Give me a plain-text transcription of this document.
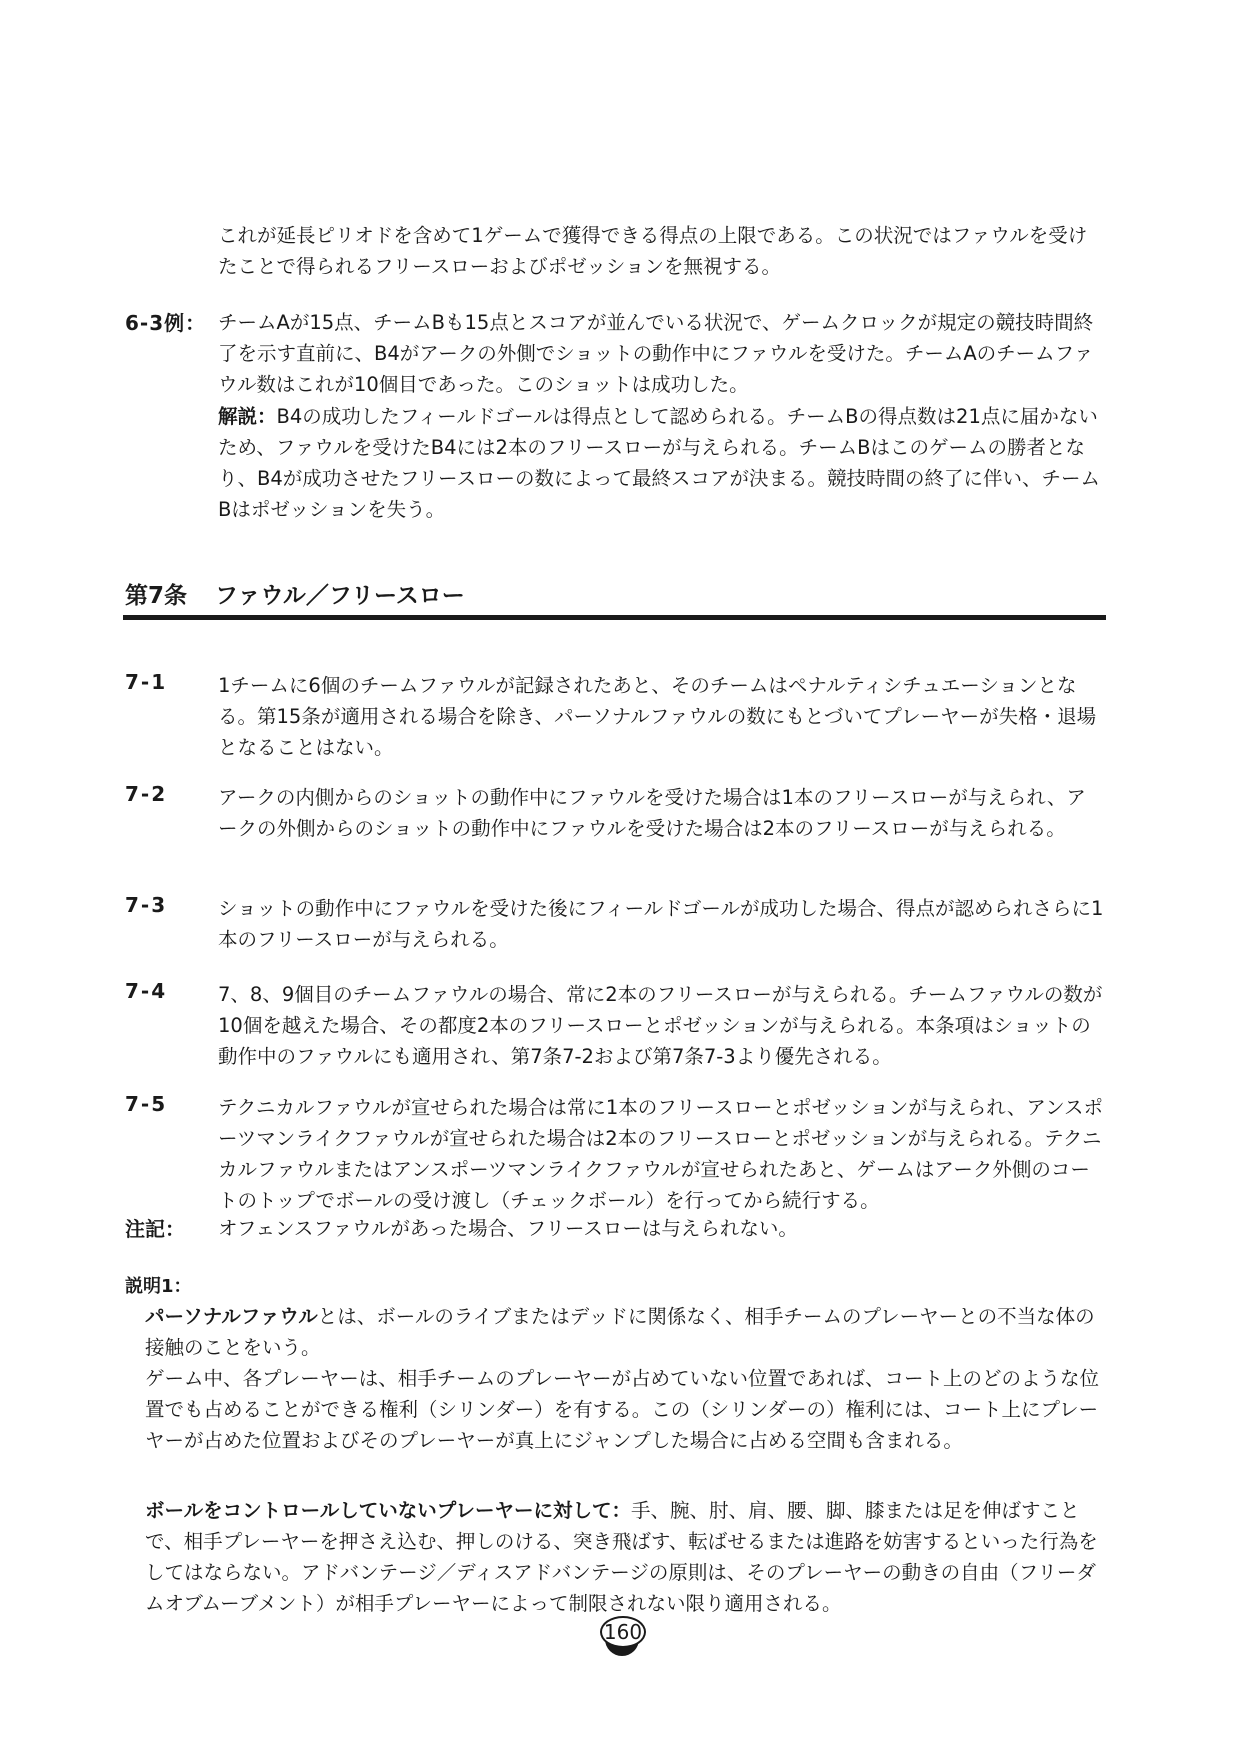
これが延長ピリオドを含めて1ゲームで獲得できる得点の上限である。この状況ではファウルを受けたことで得られるフリースローおよびポゼッションを無視する。
6-3例： チームAが15点、チームBも15点とスコアが並んでいる状況で、ゲームクロックが規定の競技時間終了を示す直前に、B4がアークの外側でショットの動作中にファウルを受けた。チームAのチームファウル数はこれが10個目であった。このショットは成功した。
解説：B4の成功したフィールドゴールは得点として認められる。チームBの得点数は21点に届かないため、ファウルを受けたB4には2本のフリースローが与えられる。チームBはこのゲームの勝者となり、B4が成功させたフリースローの数によって最終スコアが決まる。競技時間の終了に伴い、チームBはポゼッションを失う。
第7条 ファウル／フリースロー
7-1	1チームに6個のチームファウルが記録されたあと、そのチームはペナルティシチュエーションとなる。第15条が適用される場合を除き、パーソナルファウルの数にもとづいてプレーヤーが失格・退場となることはない。
7-2	アークの内側からのショットの動作中にファウルを受けた場合は1本のフリースローが与えられ、アークの外側からのショットの動作中にファウルを受けた場合は2本のフリースローが与えられる。
7-3	ショットの動作中にファウルを受けた後にフィールドゴールが成功した場合、得点が認められさらに1本のフリースローが与えられる。
7-4	7、8、9個目のチームファウルの場合、常に2本のフリースローが与えられる。チームファウルの数が10個を越えた場合、その都度2本のフリースローとポゼッションが与えられる。本条項はショットの動作中のファウルにも適用され、第7条7-2および第7条7-3より優先される。
7-5	テクニカルファウルが宣せられた場合は常に1本のフリースローとポゼッションが与えられ、アンスポーツマンライクファウルが宣せられた場合は2本のフリースローとポゼッションが与えられる。テクニカルファウルまたはアンスポーツマンライクファウルが宣せられたあと、ゲームはアーク外側のコートのトップでボールの受け渡し（チェックボール）を行ってから続行する。
注記： オフェンスファウルがあった場合、フリースローは与えられない。
説明1：
パーソナルファウルとは、ボールのライブまたはデッドに関係なく、相手チームのプレーヤーとの不当な体の接触のことをいう。
ゲーム中、各プレーヤーは、相手チームのプレーヤーが占めていない位置であれば、コート上のどのような位置でも占めることができる権利（シリンダー）を有する。この（シリンダーの）権利には、コート上にプレーヤーが占めた位置およびそのプレーヤーが真上にジャンプした場合に占める空間も含まれる。
ボールをコントロールしていないプレーヤーに対して：手、腕、肘、肩、腰、脚、膝または足を伸ばすことで、相手プレーヤーを押さえ込む、押しのける、突き飛ばす、転ばせるまたは進路を妨害するといった行為をしてはならない。アドバンテージ／ディスアドバンテージの原則は、そのプレーヤーの動きの自由（フリーダムオブムーブメント）が相手プレーヤーによって制限されない限り適用される。
160
